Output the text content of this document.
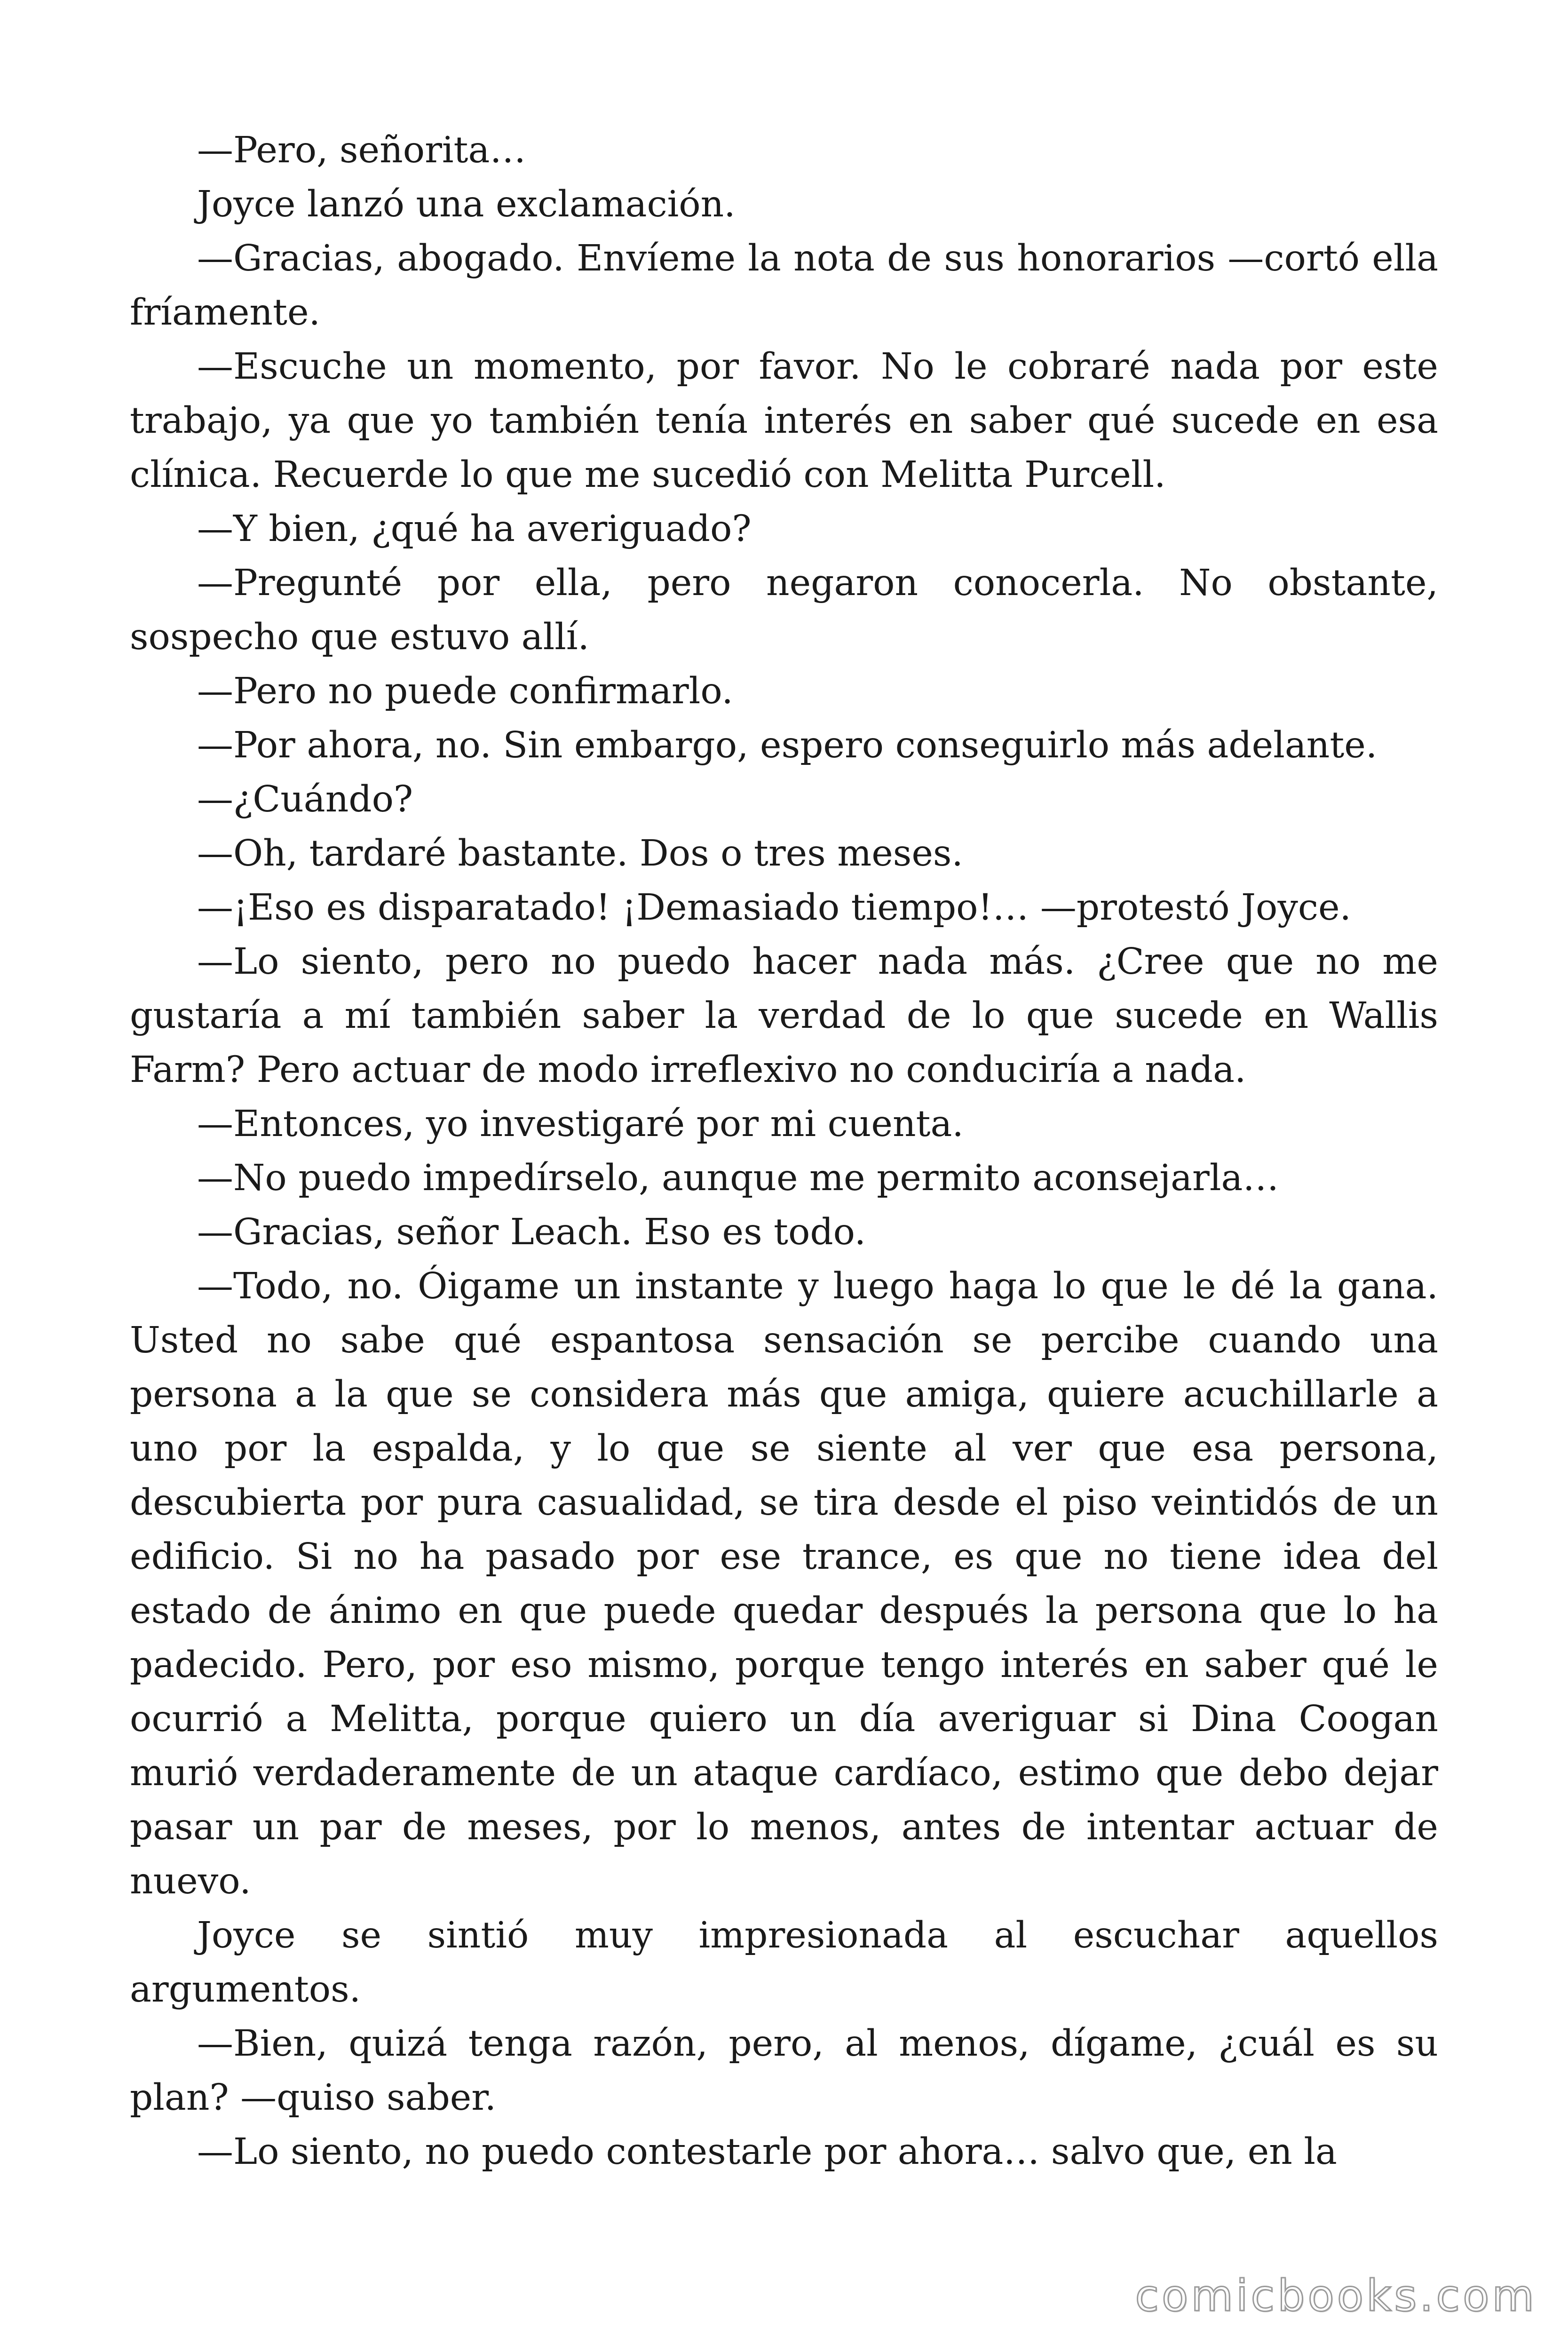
—Pero, señorita…

Joyce lanzó una exclamación.

—Gracias, abogado. Envíeme la nota de sus honorarios —cortó ella fríamente.

—Escuche un momento, por favor. No le cobraré nada por este trabajo, ya que yo también tenía interés en saber qué sucede en esa clínica. Recuerde lo que me sucedió con Melitta Purcell.

—Y bien, ¿qué ha averiguado?

—Pregunté por ella, pero negaron conocerla. No obstante, sospecho que estuvo allí.

—Pero no puede confirmarlo.

—Por ahora, no. Sin embargo, espero conseguirlo más adelante.

—¿Cuándo?

—Oh, tardaré bastante. Dos o tres meses.

—¡Eso es disparatado! ¡Demasiado tiempo!… —protestó Joyce.

—Lo siento, pero no puedo hacer nada más. ¿Cree que no me gustaría a mí también saber la verdad de lo que sucede en Wallis Farm? Pero actuar de modo irreflexivo no conduciría a nada.

—Entonces, yo investigaré por mi cuenta.

—No puedo impedírselo, aunque me permito aconsejarla…

—Gracias, señor Leach. Eso es todo.

—Todo, no. Óigame un instante y luego haga lo que le dé la gana. Usted no sabe qué espantosa sensación se percibe cuando una persona a la que se considera más que amiga, quiere acuchillarle a uno por la espalda, y lo que se siente al ver que esa persona, descubierta por pura casualidad, se tira desde el piso veintidós de un edificio. Si no ha pasado por ese trance, es que no tiene idea del estado de ánimo en que puede quedar después la persona que lo ha padecido. Pero, por eso mismo, porque tengo interés en saber qué le ocurrió a Melitta, porque quiero un día averiguar si Dina Coogan murió verdaderamente de un ataque cardíaco, estimo que debo dejar pasar un par de meses, por lo menos, antes de intentar actuar de nuevo.

Joyce se sintió muy impresionada al escuchar aquellos argumentos.

—Bien, quizá tenga razón, pero, al menos, dígame, ¿cuál es su plan? —quiso saber.

—Lo siento, no puedo contestarle por ahora… salvo que, en la

comicbooks.com
